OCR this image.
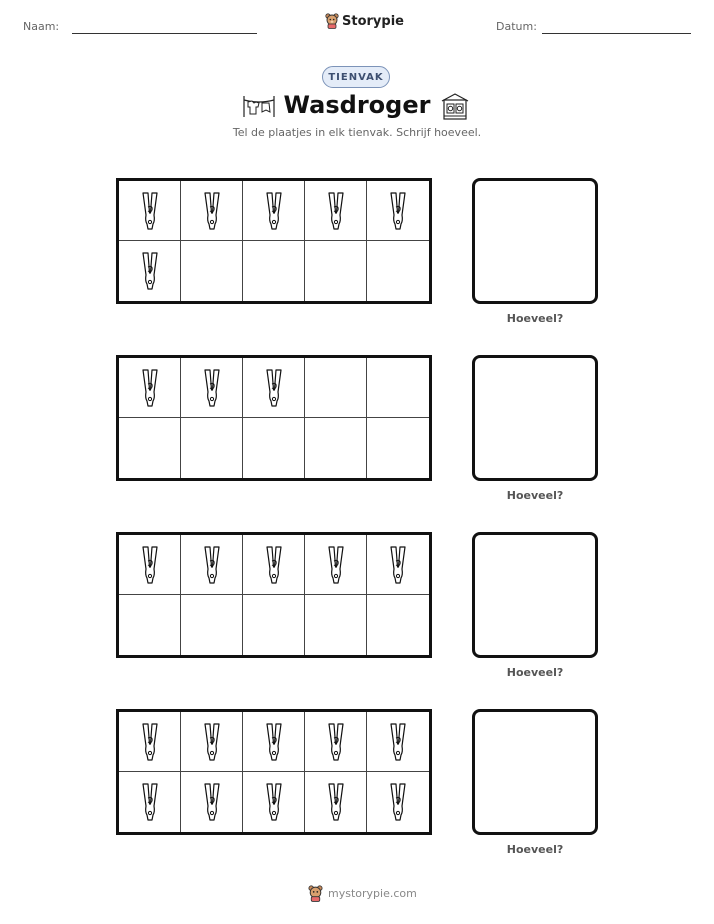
Naam:	Storypie	Datum:
TIENVAK
Wasdroger
Tel de plaatjes in elk tienvak. Schrijf hoeveel.
Hoeveel?
Hoeveel?
Hoeveel?
Hoeveel?
mystorypie.com
